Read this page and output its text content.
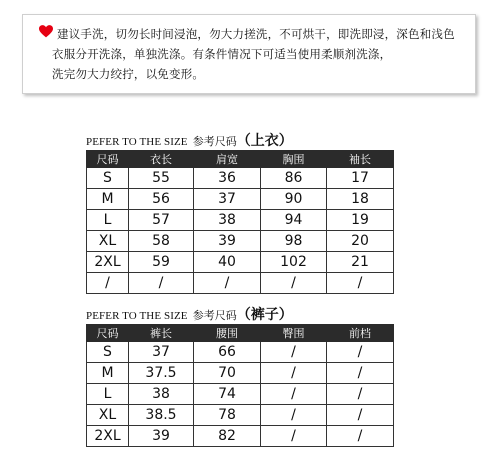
建议手洗，切勿长时间浸泡，勿大力搓洗，不可烘干，即洗即浸，深色和浅色
衣服分开洗涤，单独洗涤。有条件情况下可适当使用柔顺剂洗涤，
洗完勿大力绞拧，以免变形。
PEFER TO THE SIZE 参考尺码（上衣）
尺码	衣长	肩宽	胸围	袖长
S	55	36	86	17
M	56	37	90	18
L	57	38	94	19
XL	58	39	98	20
2XL	59	40	102	21
/	/	/	/	/
PEFER TO THE SIZE 参考尺码（裤子）
尺码	裤长	腰围	臀围	前档
S	37	66	/	/
M	37.5	70	/	/
L	38	74	/	/
XL	38.5	78	/	/
2XL	39	82	/	/
